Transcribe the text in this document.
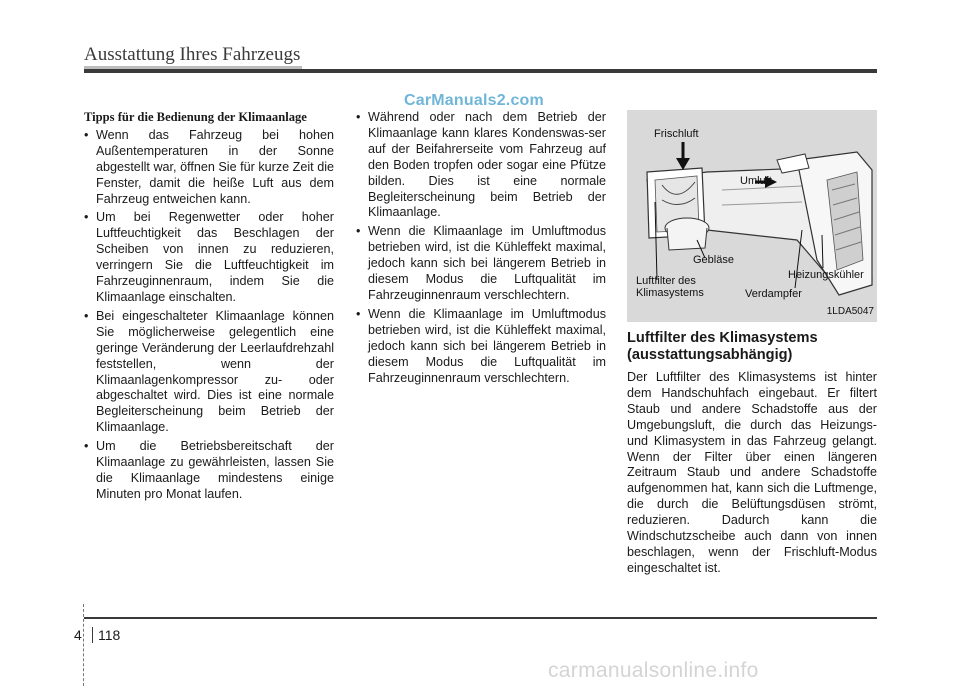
Ausstattung Ihres Fahrzeugs
CarManuals2.com
Tipps für die Bedienung der Klimaanlage
• Wenn das Fahrzeug bei hohen Außentemperaturen in der Sonne abgestellt war, öffnen Sie für kurze Zeit die Fenster, damit die heiße Luft aus dem Fahrzeug entweichen kann.
• Um bei Regenwetter oder hoher Luftfeuchtigkeit das Beschlagen der Scheiben von innen zu reduzieren, verringern Sie die Luftfeuchtigkeit im Fahrzeuginnenraum, indem Sie die Klimaanlage einschalten.
• Bei eingeschalteter Klimaanlage können Sie möglicherweise gelegentlich eine geringe Veränderung der Leerlaufdrehzahl feststellen, wenn der Klimaanlagenkompressor zu- oder abgeschaltet wird. Dies ist eine normale Begleiterscheinung beim Betrieb der Klimaanlage.
• Um die Betriebsbereitschaft der Klimaanlage zu gewährleisten, lassen Sie die Klimaanlage mindestens einige Minuten pro Monat laufen.
• Während oder nach dem Betrieb der Klimaanlage kann klares Kondenswas-ser auf der Beifahrerseite vom Fahrzeug auf den Boden tropfen oder sogar eine Pfütze bilden. Dies ist eine normale Begleiterscheinung beim Betrieb der Klimaanlage.
• Wenn die Klimaanlage im Umluftmodus betrieben wird, ist die Kühleffekt maximal, jedoch kann sich bei längerem Betrieb in diesem Modus die Luftqualität im Fahrzeuginnenraum verschlechtern.
• Wenn die Klimaanlage im Umluftmodus betrieben wird, ist die Kühleffekt maximal, jedoch kann sich bei längerem Betrieb in diesem Modus die Luftqualität im Fahrzeuginnenraum verschlechtern.
Frischluft
Umluft
Gebläse
Heizungskühler
Luftfilter des Klimasystems	Verdampfer
1LDA5047
Luftfilter des Klimasystems (ausstattungsabhängig)
Der Luftfilter des Klimasystems ist hinter dem Handschuhfach eingebaut. Er filtert Staub und andere Schadstoffe aus der Umgebungsluft, die durch das Heizungs- und Klimasystem in das Fahrzeug gelangt. Wenn der Filter über einen längeren Zeitraum Staub und andere Schadstoffe aufgenommen hat, kann sich die Luftmenge, die durch die Belüftungsdüsen strömt, reduzieren. Dadurch kann die Windschutzscheibe auch dann von innen beschlagen, wenn der Frischluft-Modus eingeschaltet ist.
4	118
carmanualsonline.info
